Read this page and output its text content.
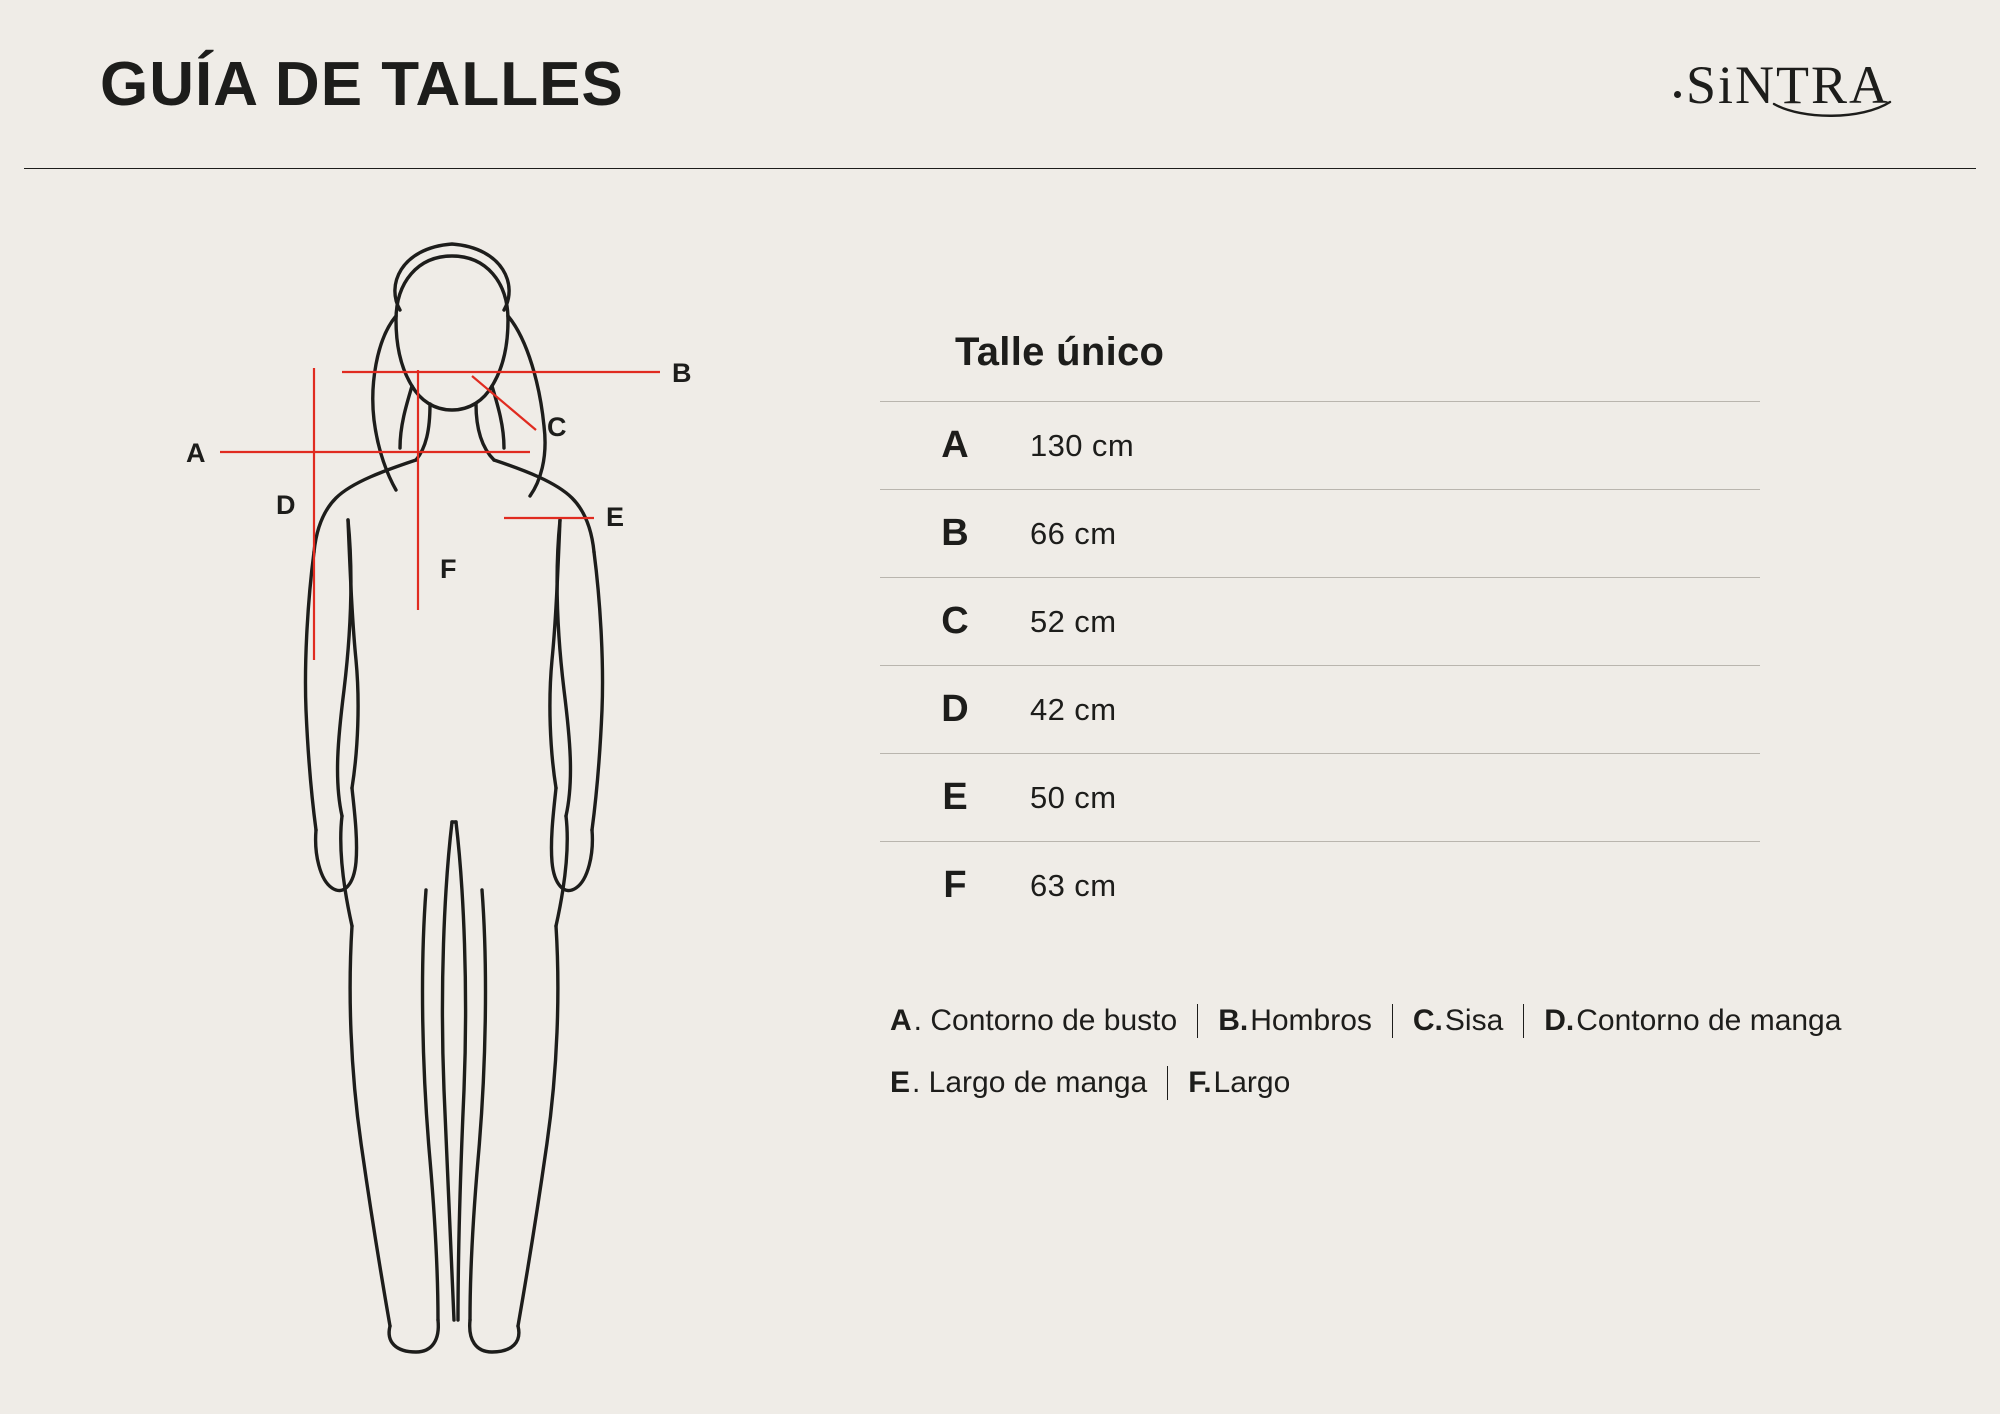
GUÍA DE TALLES	SiNTRA
B
A
C
D	E
F
Talle único
A	130 cm
B	66 cm
C	52 cm
D	42 cm
E	50 cm
F	63 cm
A . Contorno de busto B. Hombros C. Sisa D. Contorno de manga
E . Largo de manga F. Largo
